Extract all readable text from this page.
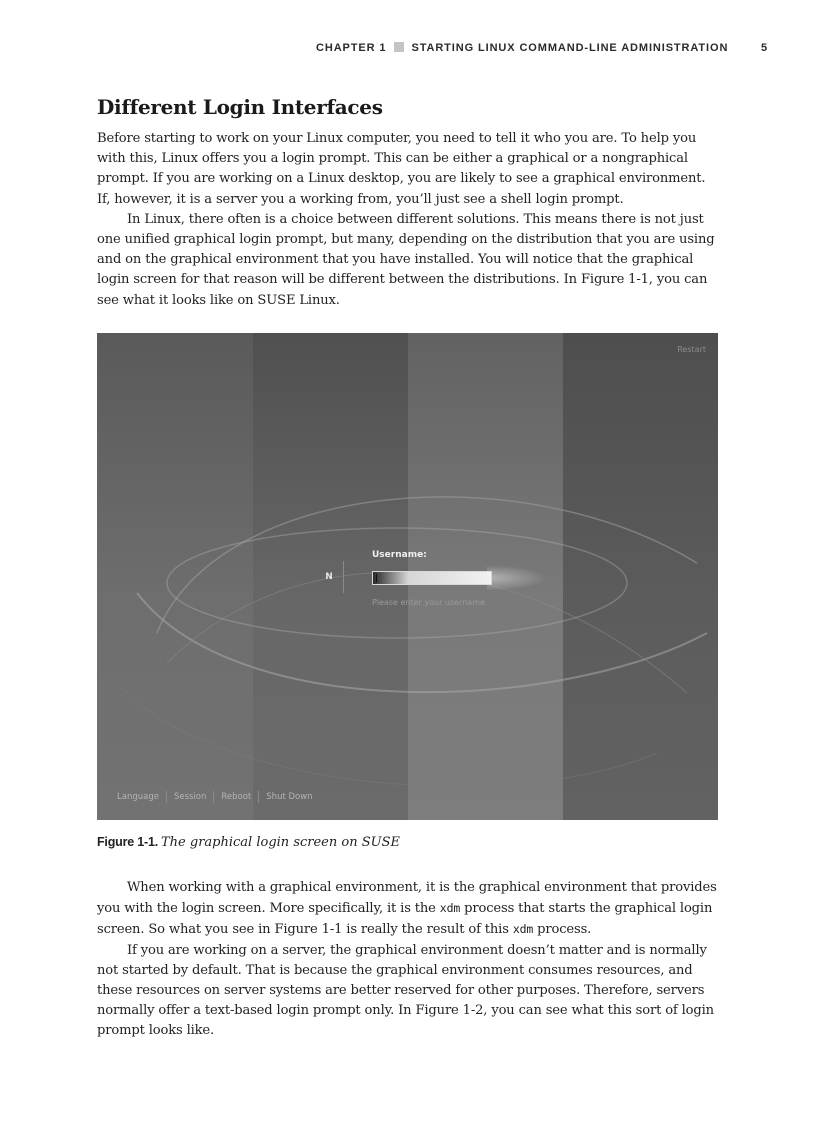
CHAPTER 1 STARTING LINUX COMMAND-LINE ADMINISTRATION	5
Different Login Interfaces

Before starting to work on your Linux computer, you need to tell it who you are. To help you with this, Linux offers you a login prompt. This can be either a graphical or a nongraphical prompt. If you are working on a Linux desktop, you are likely to see a graphical environment. If, however, it is a server you a working from, you’ll just see a shell login prompt.

In Linux, there often is a choice between different solutions. This means there is not just one unified graphical login prompt, but many, depending on the distribution that you are using and on the graphical environment that you have installed. You will notice that the graphical login screen for that reason will be different between the distributions. In Figure 1-1, you can see what it looks like on SUSE Linux.

Restart
N
Username:
Please enter your username
Language	Session	Reboot	Shut Down
Figure 1-1. The graphical login screen on SUSE

When working with a graphical environment, it is the graphical environment that provides you with the login screen. More specifically, it is the xdm process that starts the graphical login screen. So what you see in Figure 1-1 is really the result of this xdm process.

If you are working on a server, the graphical environment doesn’t matter and is normally not started by default. That is because the graphical environment consumes resources, and these resources on server systems are better reserved for other purposes. Therefore, servers normally offer a text-based login prompt only. In Figure 1-2, you can see what this sort of login prompt looks like.
